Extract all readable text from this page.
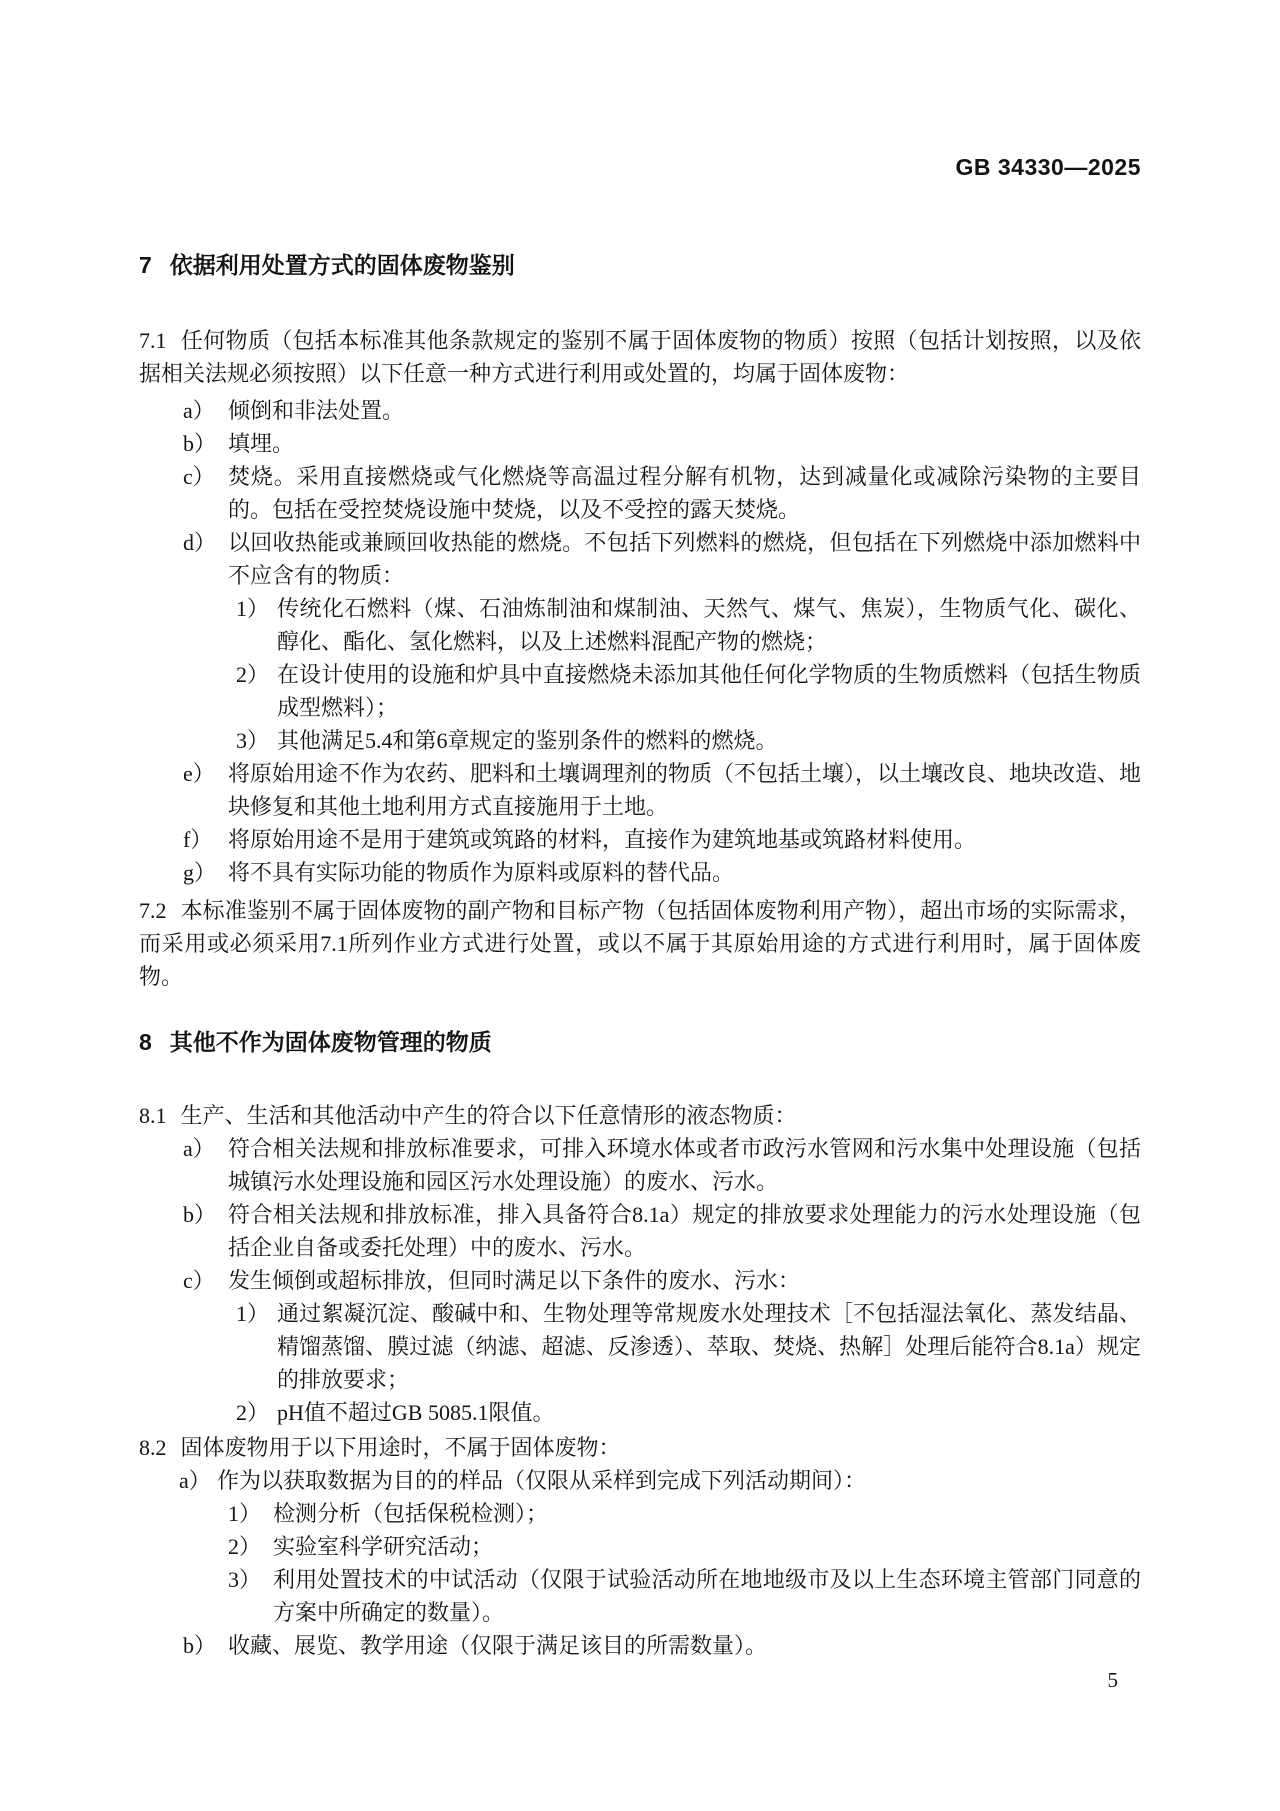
GB 34330—2025
7 依据利用处置方式的固体废物鉴别

7.1 任何物质（包括本标准其他条款规定的鉴别不属于固体废物的物质）按照（包括计划按照，以及依据相关法规必须按照）以下任意一种方式进行利用或处置的，均属于固体废物：

a） 倾倒和非法处置。
b） 填埋。
c） 焚烧。采用直接燃烧或气化燃烧等高温过程分解有机物，达到减量化或减除污染物的主要目的。包括在受控焚烧设施中焚烧，以及不受控的露天焚烧。
d） 以回收热能或兼顾回收热能的燃烧。不包括下列燃料的燃烧，但包括在下列燃烧中添加燃料中不应含有的物质：
1） 传统化石燃料（煤、石油炼制油和煤制油、天然气、煤气、焦炭），生物质气化、碳化、醇化、酯化、氢化燃料，以及上述燃料混配产物的燃烧；
2） 在设计使用的设施和炉具中直接燃烧未添加其他任何化学物质的生物质燃料（包括生物质成型燃料）；
3） 其他满足5.4和第6章规定的鉴别条件的燃料的燃烧。
e） 将原始用途不作为农药、肥料和土壤调理剂的物质（不包括土壤），以土壤改良、地块改造、地块修复和其他土地利用方式直接施用于土地。
f） 将原始用途不是用于建筑或筑路的材料，直接作为建筑地基或筑路材料使用。
g） 将不具有实际功能的物质作为原料或原料的替代品。

7.2 本标准鉴别不属于固体废物的副产物和目标产物（包括固体废物利用产物），超出市场的实际需求，而采用或必须采用7.1所列作业方式进行处置，或以不属于其原始用途的方式进行利用时，属于固体废物。

8 其他不作为固体废物管理的物质

8.1 生产、生活和其他活动中产生的符合以下任意情形的液态物质：

a） 符合相关法规和排放标准要求，可排入环境水体或者市政污水管网和污水集中处理设施（包括城镇污水处理设施和园区污水处理设施）的废水、污水。
b） 符合相关法规和排放标准，排入具备符合8.1a）规定的排放要求处理能力的污水处理设施（包括企业自备或委托处理）中的废水、污水。
c） 发生倾倒或超标排放，但同时满足以下条件的废水、污水：
1） 通过絮凝沉淀、酸碱中和、生物处理等常规废水处理技术［不包括湿法氧化、蒸发结晶、精馏蒸馏、膜过滤（纳滤、超滤、反渗透）、萃取、焚烧、热解］处理后能符合8.1a）规定的排放要求；
2） pH值不超过GB 5085.1限值。

8.2 固体废物用于以下用途时，不属于固体废物：

a） 作为以获取数据为目的的样品（仅限从采样到完成下列活动期间）：
1） 检测分析（包括保税检测）；
2） 实验室科学研究活动；
3） 利用处置技术的中试活动（仅限于试验活动所在地地级市及以上生态环境主管部门同意的方案中所确定的数量）。
b） 收藏、展览、教学用途（仅限于满足该目的所需数量）。
5
